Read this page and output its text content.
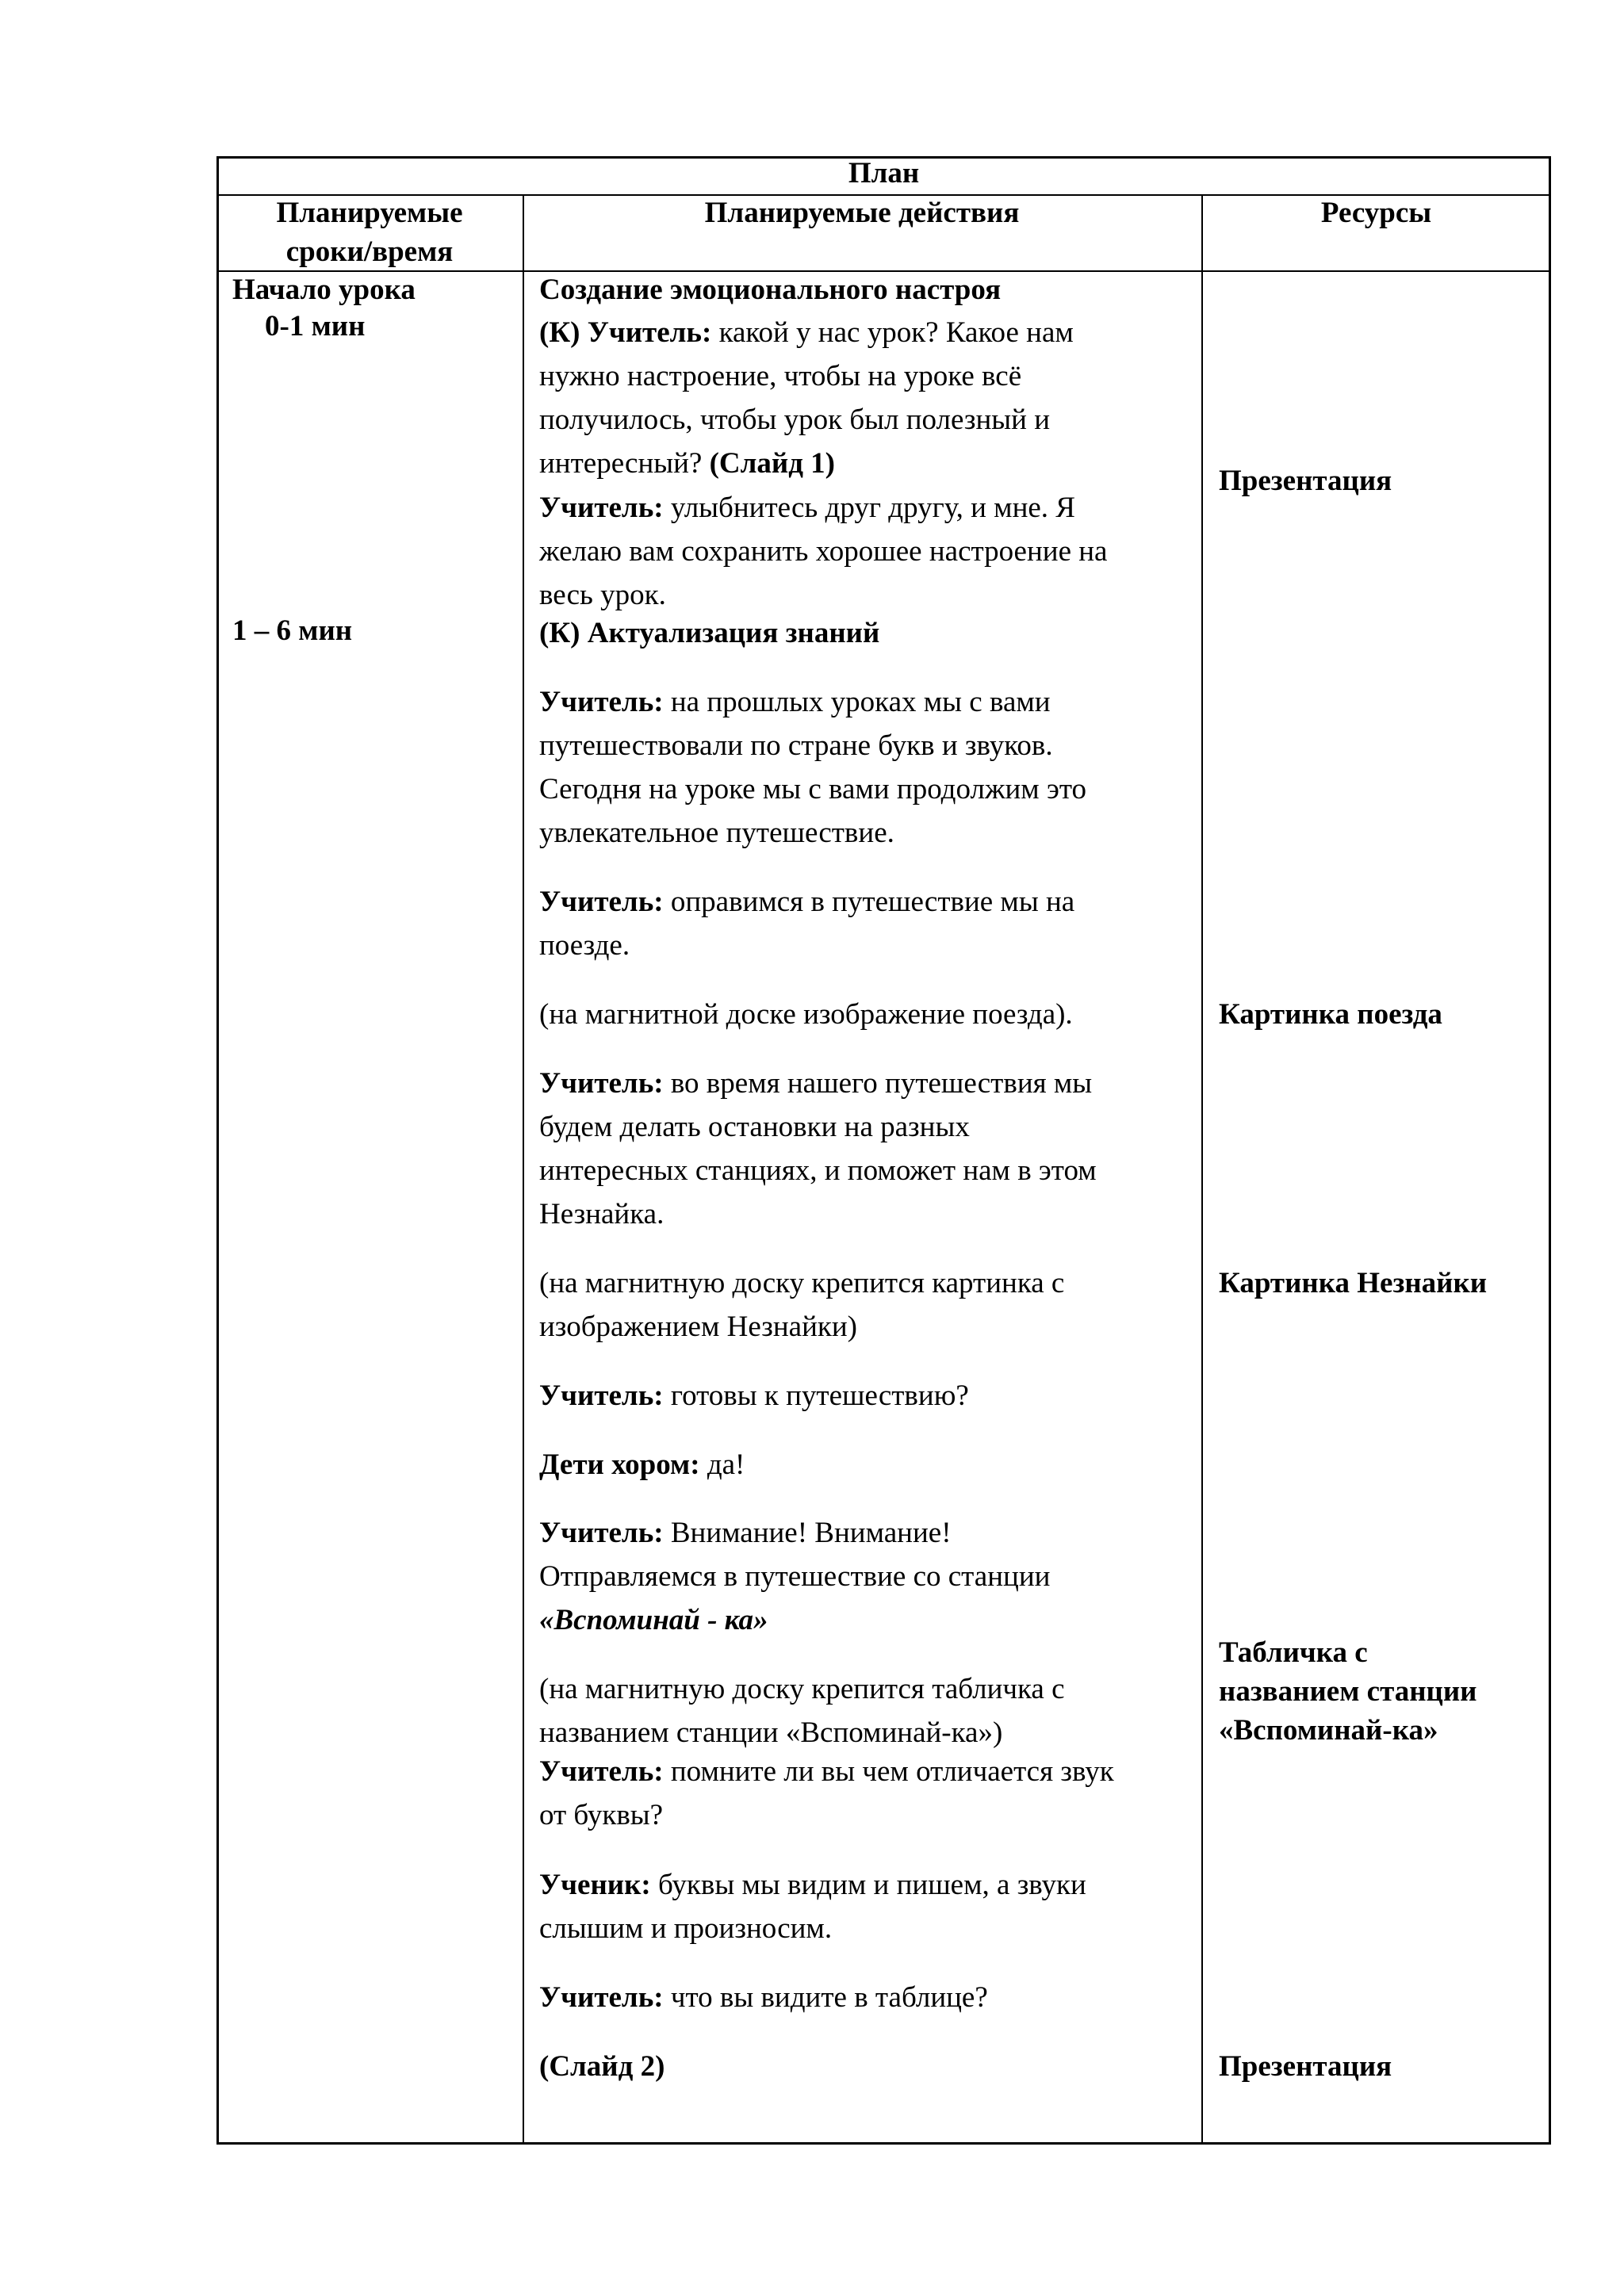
План
Планируемые
сроки/время
Планируемые действия	Ресурсы
Начало урока
0-1 мин
1 – 6 мин
Создание эмоционального настроя
(К) Учитель: какой у нас урок? Какое нам
нужно настроение, чтобы на уроке всё
получилось, чтобы урок был полезный и
интересный? (Слайд 1)
Учитель: улыбнитесь друг другу, и мне. Я
желаю вам сохранить хорошее настроение на
весь урок.
(К) Актуализация знаний
Учитель: на прошлых уроках мы с вами
путешествовали по стране букв и звуков.
Сегодня на уроке мы с вами продолжим это
увлекательное путешествие.
Учитель: оправимся в путешествие мы на
поезде.
(на магнитной доске изображение поезда).
Учитель: во время нашего путешествия мы
будем делать остановки на разных
интересных станциях, и поможет нам в этом
Незнайка.
(на магнитную доску крепится картинка с
изображением Незнайки)
Учитель: готовы к путешествию?
Дети хором: да!
Учитель: Внимание! Внимание!
Отправляемся в путешествие со станции
«Вспоминай - ка»
(на магнитную доску крепится табличка с
названием станции «Вспоминай-ка»)
Учитель: помните ли вы чем отличается звук
от буквы?
Ученик: буквы мы видим и пишем, а звуки
слышим и произносим.
Учитель: что вы видите в таблице?
(Слайд 2)
Презентация
Картинка поезда
Картинка Незнайки
Табличка с
названием станции
«Вспоминай-ка»
Презентация
